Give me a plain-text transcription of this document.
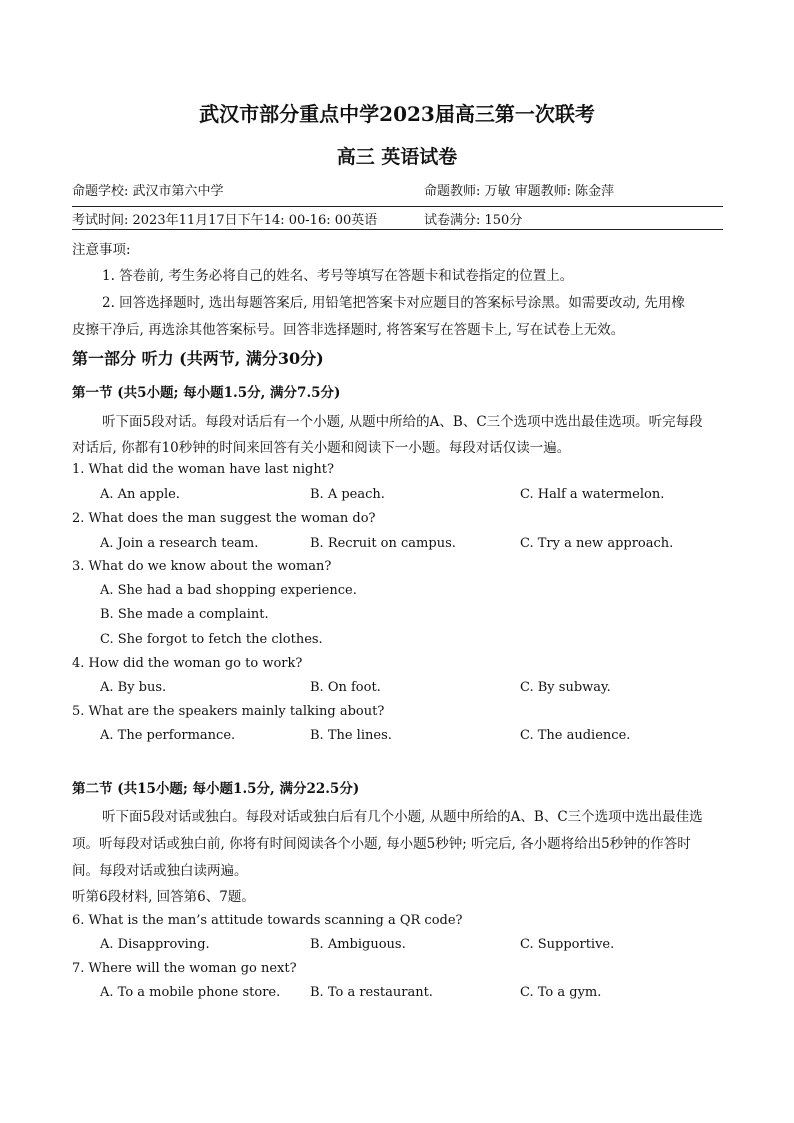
武汉市部分重点中学2023届高三第一次联考
高三 英语试卷
命题学校: 武汉市第六中学	命题教师: 万敏 审题教师: 陈金萍
考试时间: 2023年11月17日下午14: 00-16: 00英语	试卷满分: 150分
注意事项:
1. 答卷前, 考生务必将自己的姓名、考号等填写在答题卡和试卷指定的位置上。
2. 回答选择题时, 选出每题答案后, 用铅笔把答案卡对应题目的答案标号涂黑。如需要改动, 先用橡
皮擦干净后, 再选涂其他答案标号。回答非选择题时, 将答案写在答题卡上, 写在试卷上无效。
第一部分 听力 (共两节, 满分30分)
第一节 (共5小题; 每小题1.5分, 满分7.5分)
听下面5段对话。每段对话后有一个小题, 从题中所给的A、B、C三个选项中选出最佳选项。听完每段
对话后, 你都有10秒钟的时间来回答有关小题和阅读下一小题。每段对话仅读一遍。
1. What did the woman have last night?
A. An apple.	B. A peach.	C. Half a watermelon.
2. What does the man suggest the woman do?
A. Join a research team.	B. Recruit on campus.	C. Try a new approach.
3. What do we know about the woman?
A. She had a bad shopping experience.
B. She made a complaint.
C. She forgot to fetch the clothes.
4. How did the woman go to work?
A. By bus.	B. On foot.	C. By subway.
5. What are the speakers mainly talking about?
A. The performance.	B. The lines.	C. The audience.
第二节 (共15小题; 每小题1.5分, 满分22.5分)
听下面5段对话或独白。每段对话或独白后有几个小题, 从题中所给的A、B、C三个选项中选出最佳选
项。听每段对话或独白前, 你将有时间阅读各个小题, 每小题5秒钟; 听完后, 各小题将给出5秒钟的作答时
间。每段对话或独白读两遍。
听第6段材料, 回答第6、7题。
6. What is the man’s attitude towards scanning a QR code?
A. Disapproving.	B. Ambiguous.	C. Supportive.
7. Where will the woman go next?
A. To a mobile phone store. B. To a restaurant.	C. To a gym.
